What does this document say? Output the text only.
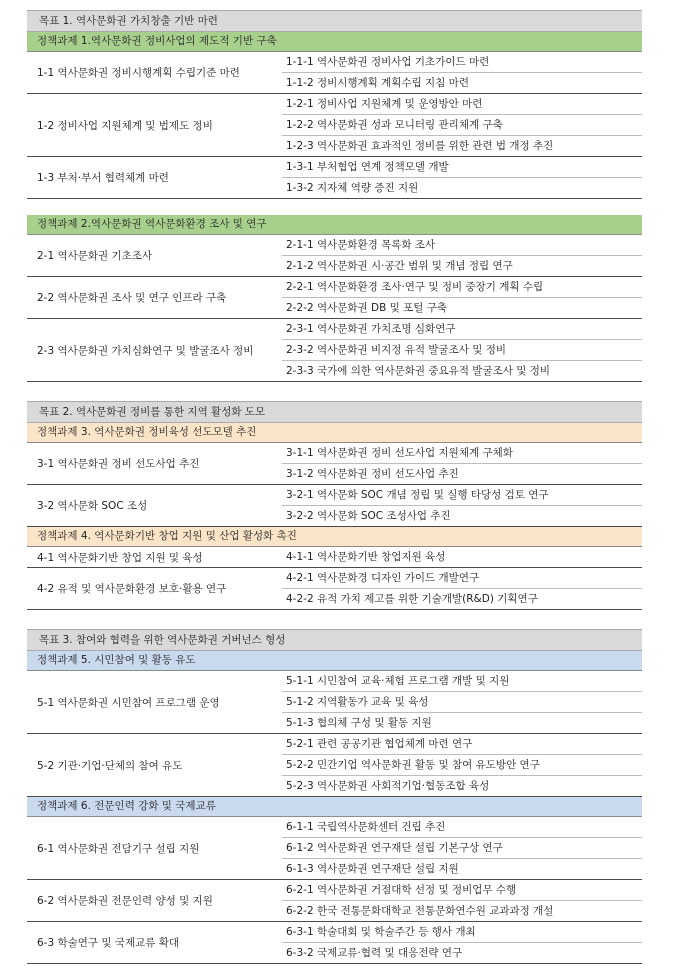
목표 1. 역사문화권 가치창출 기반 마련
정책과제 1.역사문화권 정비사업의 제도적 기반 구축
1-1 역사문화권 정비시행계획 수립기준 마련
1-1-1 역사문화권 정비사업 기초가이드 마련
1-1-2 정비시행계획 계획수립 지침 마련
1-2 정비사업 지원체계 및 법제도 정비
1-2-1 정비사업 지원체계 및 운영방안 마련
1-2-2 역사문화권 성과 모니터링 관리체계 구축
1-2-3 역사문화권 효과적인 정비를 위한 관련 법 개정 추진
1-3 부처·부서 협력체계 마련
1-3-1 부처협업 연계 정책모델 개발
1-3-2 지자체 역량 증진 지원
정책과제 2.역사문화권 역사문화환경 조사 및 연구
2-1 역사문화권 기초조사
2-1-1 역사문화환경 목록화 조사
2-1-2 역사문화권 시·공간 범위 및 개념 정립 연구
2-2 역사문화권 조사 및 연구 인프라 구축
2-2-1 역사문화환경 조사·연구 및 정비 중장기 계획 수립
2-2-2 역사문화권 DB 및 포털 구축
2-3 역사문화권 가치심화연구 및 발굴조사 정비
2-3-1 역사문화권 가치조명 심화연구
2-3-2 역사문화권 비지정 유적 발굴조사 및 정비
2-3-3 국가에 의한 역사문화권 중요유적 발굴조사 및 정비
목표 2. 역사문화권 정비를 통한 지역 활성화 도모
정책과제 3. 역사문화권 정비육성 선도모델 추진
3-1 역사문화권 정비 선도사업 추진
3-1-1 역사문화권 정비 선도사업 지원체계 구체화
3-1-2 역사문화권 정비 선도사업 추진
3-2 역사문화 SOC 조성
3-2-1 역사문화 SOC 개념 정립 및 실행 타당성 검토 연구
3-2-2 역사문화 SOC 조성사업 추진
정책과제 4. 역사문화기반 창업 지원 및 산업 활성화 촉진
4-1 역사문화기반 창업 지원 및 육성	4-1-1 역사문화기반 창업지원 육성
4-2 유적 및 역사문화환경 보호·활용 연구
4-2-1 역사문화경 디자인 가이드 개발연구
4-2-2 유적 가치 제고를 위한 기술개발(R&D) 기획연구
목표 3. 참여와 협력을 위한 역사문화권 거버넌스 형성
정책과제 5. 시민참여 및 활동 유도
5-1 역사문화권 시민참여 프로그램 운영
5-1-1 시민참여 교육·체험 프로그램 개발 및 지원
5-1-2 지역활동가 교육 및 육성
5-1-3 협의체 구성 및 활동 지원
5-2 기관·기업·단체의 참여 유도
5-2-1 관련 공공기관 협업체계 마련 연구
5-2-2 민간기업 역사문화권 활동 및 참여 유도방안 연구
5-2-3 역사문화권 사회적기업·협동조합 육성
정책과제 6. 전문인력 강화 및 국제교류
6-1 역사문화권 전담기구 설립 지원
6-1-1 국립역사문화센터 건립 추진
6-1-2 역사문화권 연구재단 설립 기본구상 연구
6-1-3 역사문화권 연구재단 설립 지원
6-2 역사문화권 전문인력 양성 및 지원
6-2-1 역사문화권 거점대학 선정 및 정비업무 수행
6-2-2 한국 전통문화대학교 전통문화연수원 교과과정 개설
6-3 학술연구 및 국제교류 확대
6-3-1 학술대회 및 학술주간 등 행사 개최
6-3-2 국제교류·협력 및 대응전략 연구
